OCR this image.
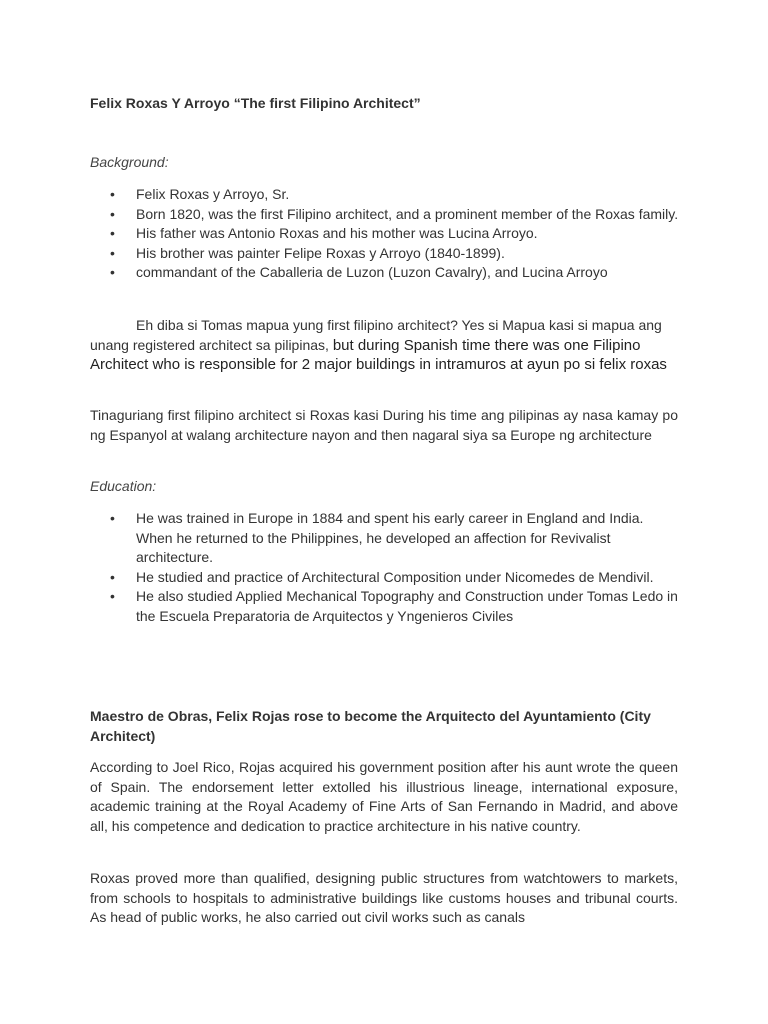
Felix Roxas Y Arroyo “The first Filipino Architect”
Background:
• Felix Roxas y Arroyo, Sr.
• Born 1820, was the first Filipino architect, and a prominent member of the Roxas family.
• His father was Antonio Roxas and his mother was Lucina Arroyo.
• His brother was painter Felipe Roxas y Arroyo (1840-1899).
• commandant of the Caballeria de Luzon (Luzon Cavalry), and Lucina Arroyo
Eh diba si Tomas mapua yung first filipino architect? Yes si Mapua kasi si mapua ang unang registered architect sa pilipinas, but during Spanish time there was one Filipino Architect who is responsible for 2 major buildings in intramuros at ayun po si felix roxas
Tinaguriang first filipino architect si Roxas kasi During his time ang pilipinas ay nasa kamay po ng Espanyol at walang architecture nayon and then nagaral siya sa Europe ng architecture
Education:
• He was trained in Europe in 1884 and spent his early career in England and India. When he returned to the Philippines, he developed an affection for Revivalist architecture.
• He studied and practice of Architectural Composition under Nicomedes de Mendivil.
• He also studied Applied Mechanical Topography and Construction under Tomas Ledo in the Escuela Preparatoria de Arquitectos y Yngenieros Civiles
Maestro de Obras, Felix Rojas rose to become the Arquitecto del Ayuntamiento (City Architect)
According to Joel Rico, Rojas acquired his government position after his aunt wrote the queen of Spain. The endorsement letter extolled his illustrious lineage, international exposure, academic training at the Royal Academy of Fine Arts of San Fernando in Madrid, and above all, his competence and dedication to practice architecture in his native country.
Roxas proved more than qualified, designing public structures from watchtowers to markets, from schools to hospitals to administrative buildings like customs houses and tribunal courts. As head of public works, he also carried out civil works such as canals
